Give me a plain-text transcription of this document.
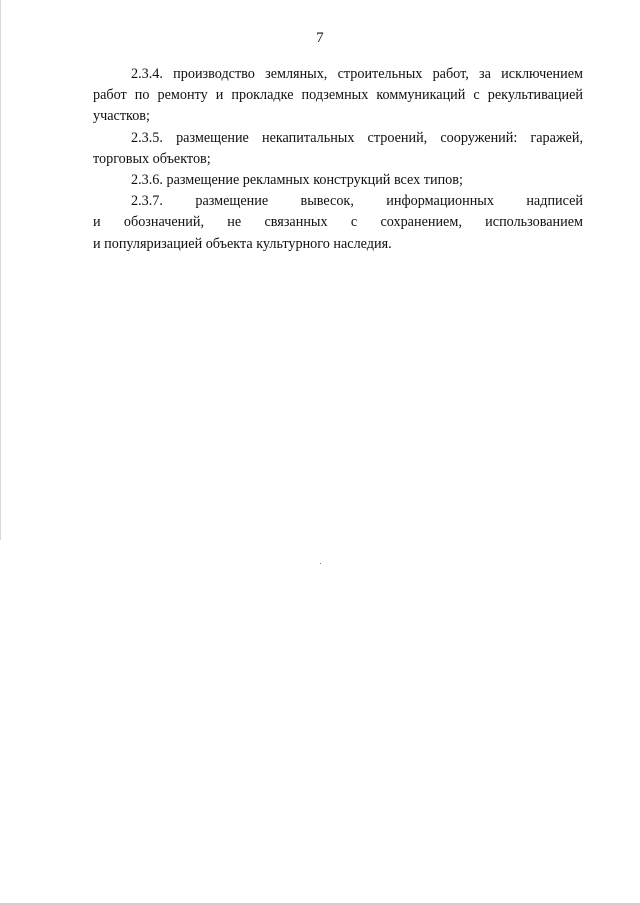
7

2.3.4. производство земляных, строительных работ, за исключением
работ по ремонту и прокладке подземных коммуникаций с рекультивацией
участков;

2.3.5. размещение некапитальных строений, сооружений: гаражей,
торговых объектов;

2.3.6. размещение рекламных конструкций всех типов;

2.3.7. размещение вывесок, информационных надписей
и обозначений, не связанных с сохранением, использованием
и популяризацией объекта культурного наследия.
